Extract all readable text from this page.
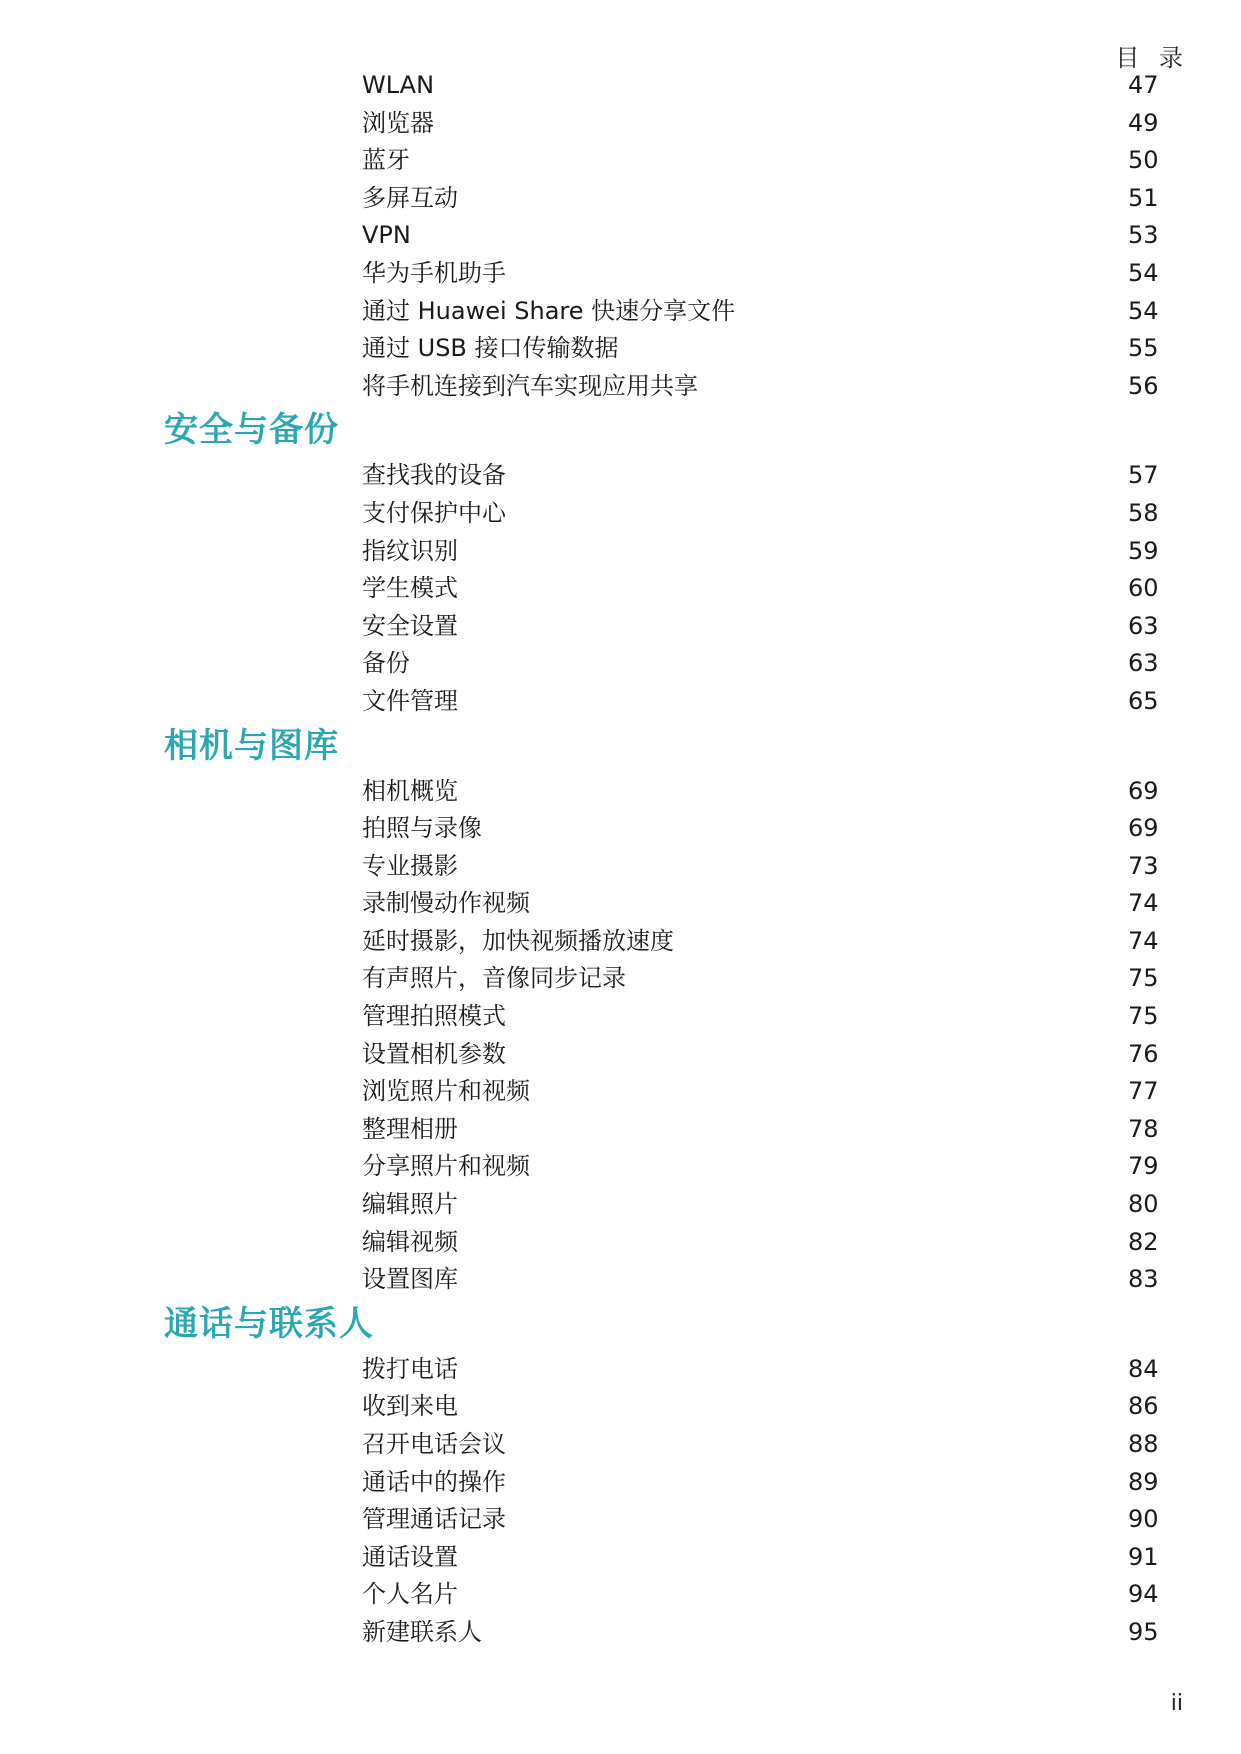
目 录
WLAN	47
浏览器	49
蓝牙	50
多屏互动	51
VPN	53
华为手机助手	54
通过 Huawei Share 快速分享文件	54
通过 USB 接口传输数据	55
将手机连接到汽车实现应用共享	56
安全与备份
查找我的设备	57
支付保护中心	58
指纹识别	59
学生模式	60
安全设置	63
备份	63
文件管理	65
相机与图库
相机概览	69
拍照与录像	69
专业摄影	73
录制慢动作视频	74
延时摄影，加快视频播放速度	74
有声照片，音像同步记录	75
管理拍照模式	75
设置相机参数	76
浏览照片和视频	77
整理相册	78
分享照片和视频	79
编辑照片	80
编辑视频	82
设置图库	83
通话与联系人
拨打电话	84
收到来电	86
召开电话会议	88
通话中的操作	89
管理通话记录	90
通话设置	91
个人名片	94
新建联系人	95
ii
